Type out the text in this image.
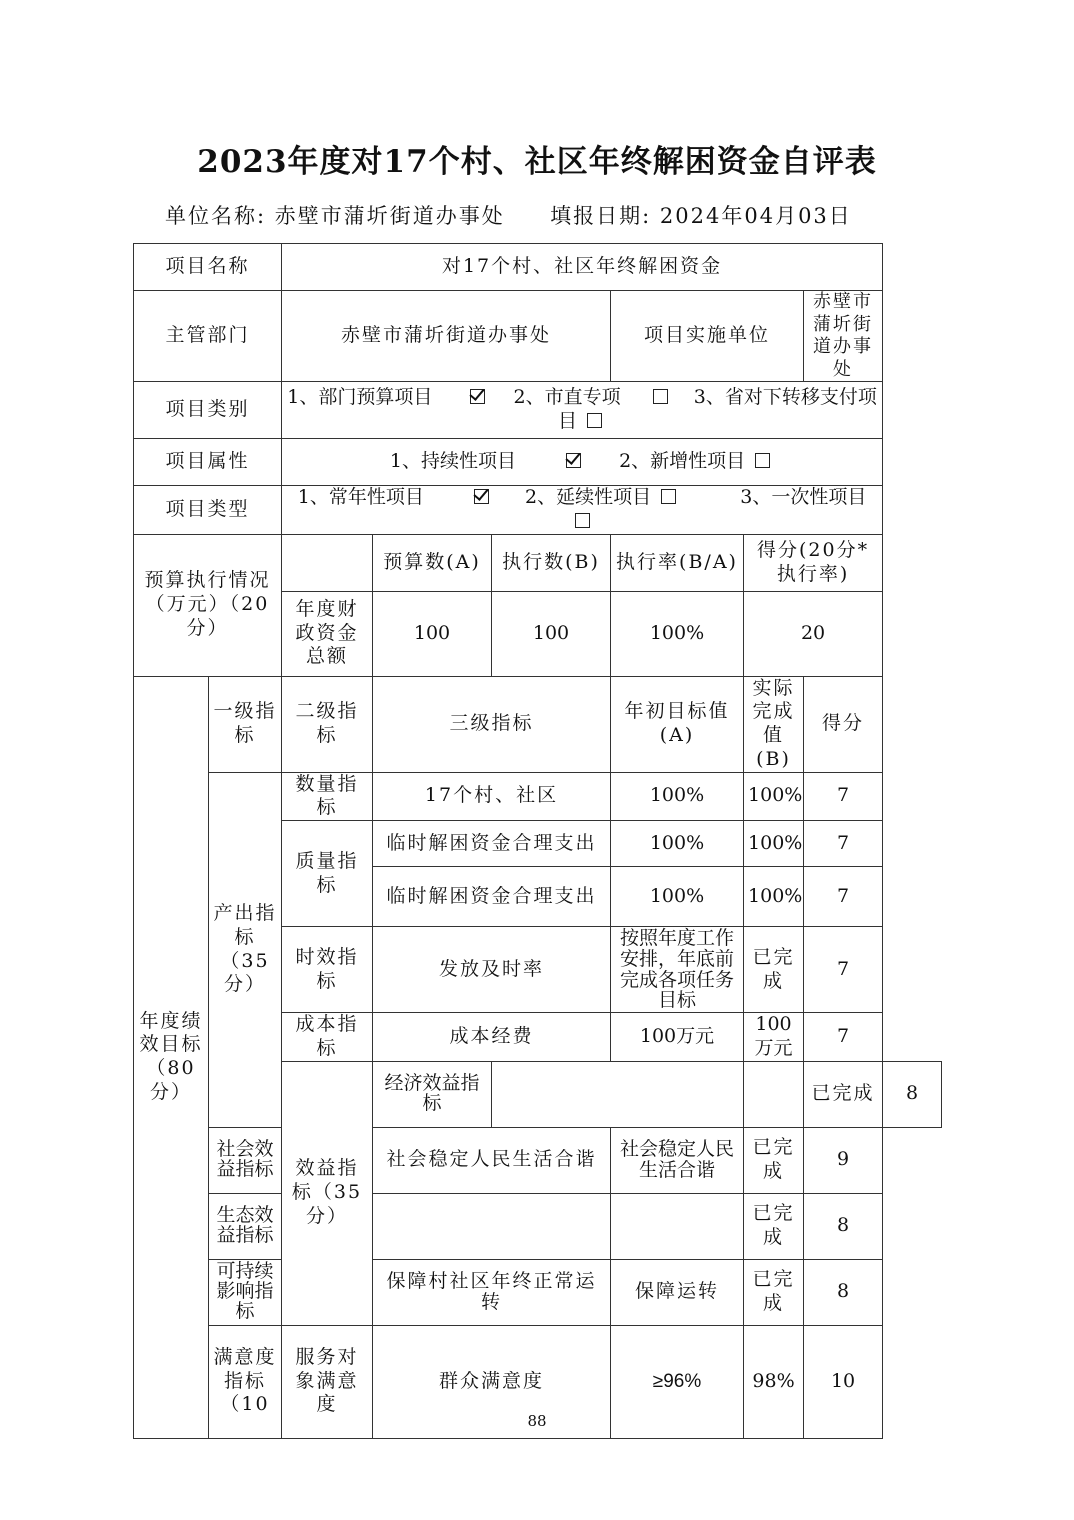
2023年度对17个村、社区年终解困资金自评表
单位名称: 赤壁市蒲圻街道办事处 填报日期: 2024年04月03日
项目名称		对17个村、社区年终解困资金						
主管部门		赤壁市蒲圻街道办事处			项目实施单位		赤壁市蒲圻街道办事处	
项目类别		1、部门预算项目 2、市直专项 3、省对下转移支付项目						
项目属性		1、持续性项目 2、新增性项目						
项目类型		1、常年性项目 2、延续性项目 3、一次性项目						
预算执行情况（万元）（20分）			预算数(A)	执行数(B)	执行率(B/A)	得分(20分*执行率)		
		年度财政资金总额	100	100	100%	20		
年度绩效目标（80分）	一级指标	二级指标	三级指标		年初目标值(A)	实际完成值(B)	得分	
	产出指标（35分）	数量指标	17个村、社区		100%	100%	7	
		质量指标	临时解困资金合理支出		100%	100%	7	
			临时解困资金合理支出		100%	100%	7	
		时效指标	发放及时率		按照年度工作安排，年底前完成各项任务目标	已完成	7	
		成本指标	成本经费		100万元	100万元	7	
		效益指标（35分）	经济效益指标				已完成	8
	社会效益指标		社会稳定人民生活合谐		社会稳定人民生活合谐	已完成	9	
	生态效益指标					已完成	8	
	可持续影响指标		保障村社区年终正常运转		保障运转	已完成	8	
	满意度指标（10	服务对象满意度	群众满意度		≥96%	98%	10	
88
